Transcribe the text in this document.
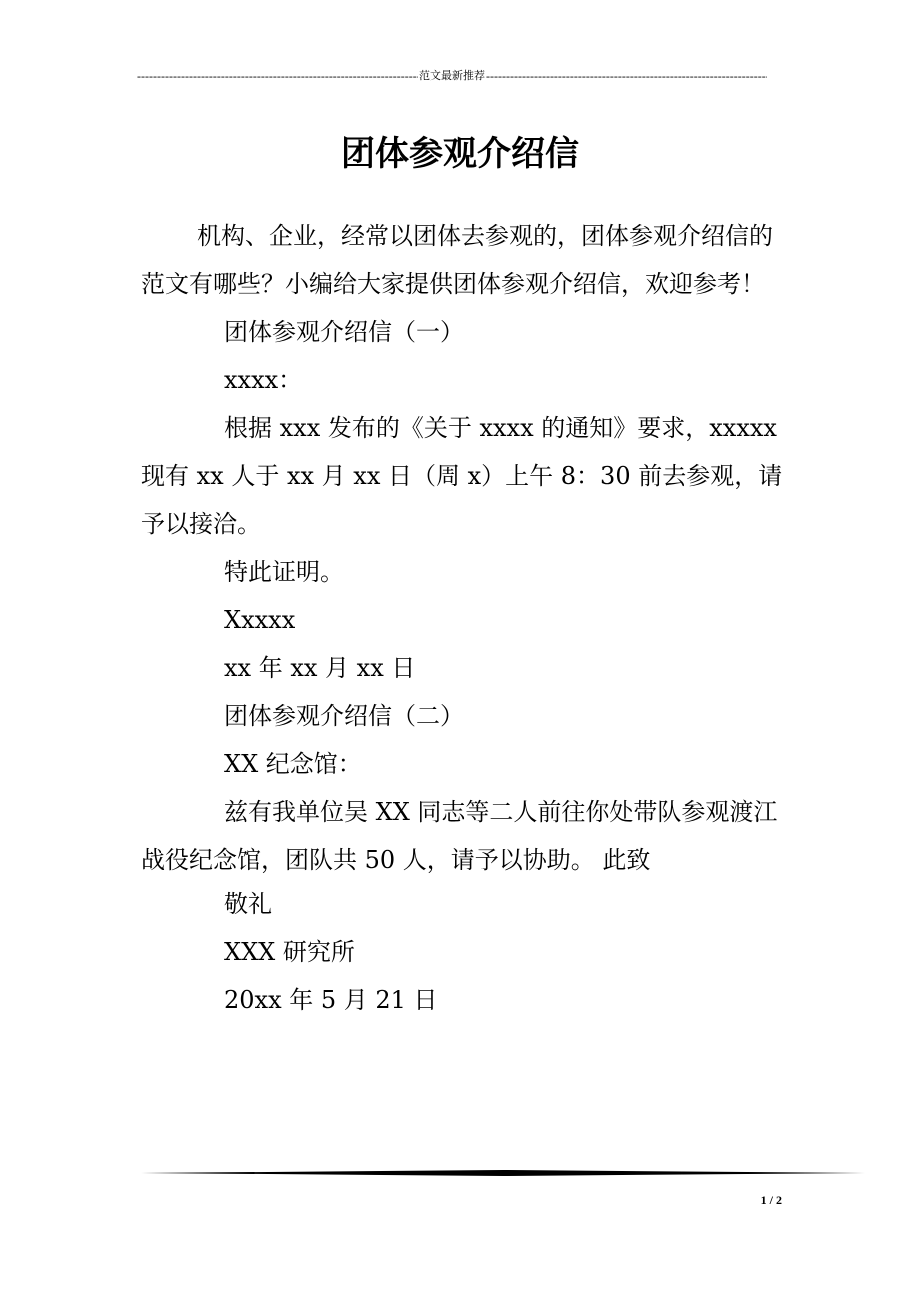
-----
范文最新推荐
-----
团体参观介绍信

机构、企业，经常以团体去参观的，团体参观介绍信的范文有哪些？小编给大家提供团体参观介绍信，欢迎参考！

团体参观介绍信（一）

xxxx：

根据 xxx 发布的《关于 xxxx 的通知》要求，xxxxx 现有 xx 人于 xx 月 xx 日（周 x）上午 8：30 前去参观，请予以接洽。

特此证明。

Xxxxx

xx 年 xx 月 xx 日

团体参观介绍信（二）

XX 纪念馆：

兹有我单位吴 XX 同志等二人前往你处带队参观渡江战役纪念馆，团队共 50 人，请予以协助。 此致

敬礼

XXX 研究所

20xx 年 5 月 21 日

1 / 2
